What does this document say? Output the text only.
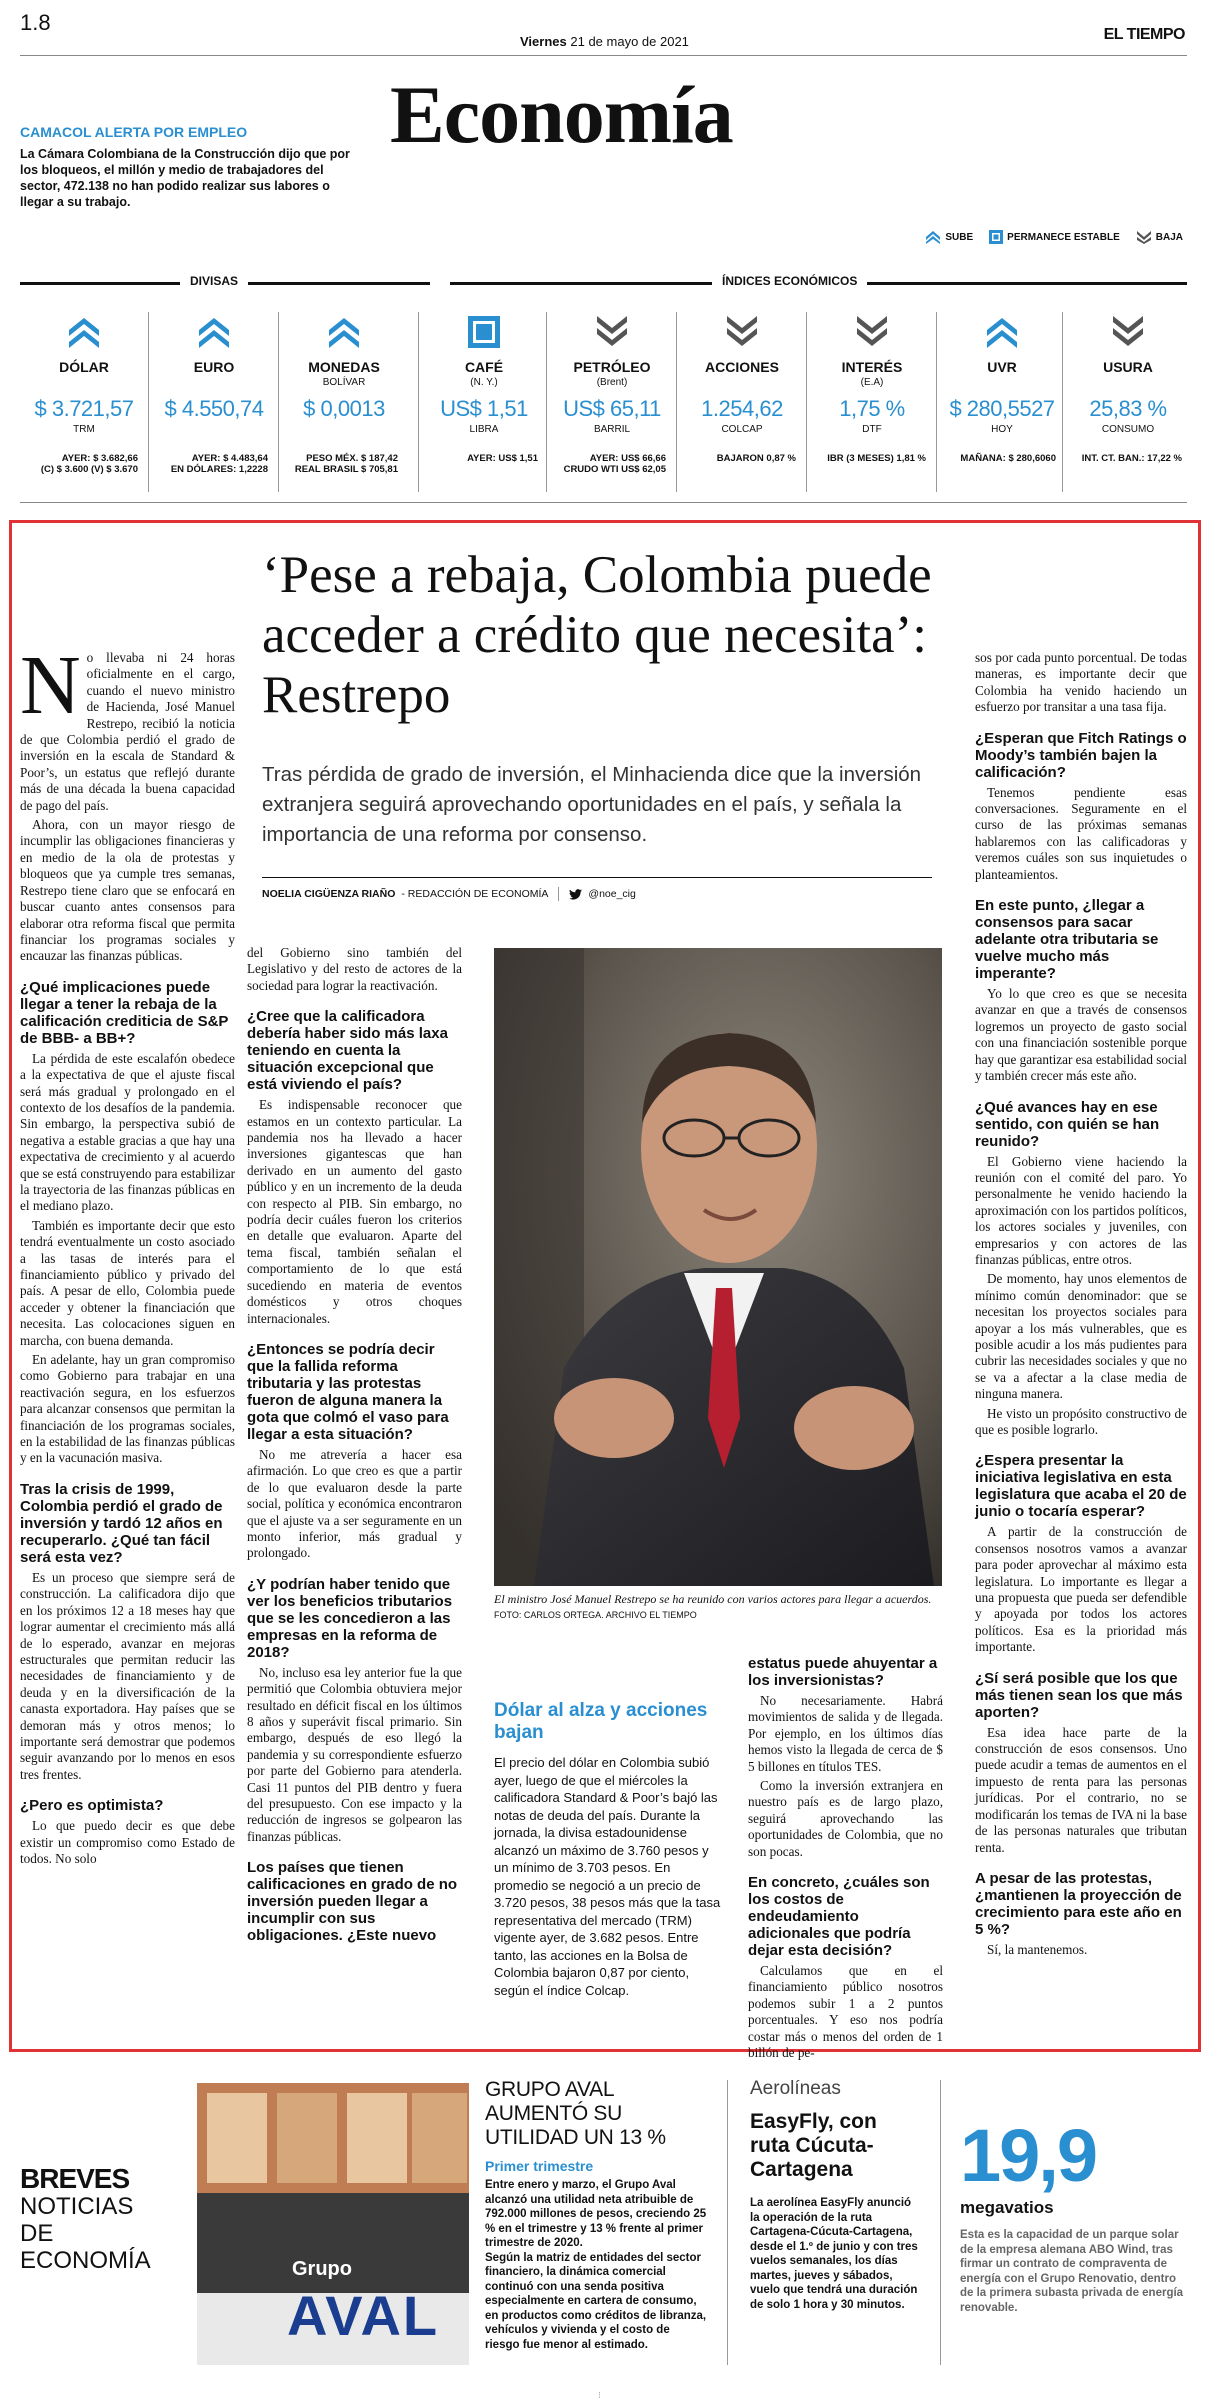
1.8
Viernes 21 de mayo de 2021	EL TIEMPO
Economía
CAMACOL ALERTA POR EMPLEO
La Cámara Colombiana de la Construcción dijo que por los bloqueos, el millón y medio de trabajadores del sector, 472.138 no han podido realizar sus labores o llegar a su trabajo.
SUBE	PERMANECE ESTABLE	BAJA
DIVISAS	ÍNDICES ECONÓMICOS
DÓLAR
$ 3.721,57
TRM
AYER: $ 3.682,66
(C) $ 3.600 (V) $ 3.670
EURO
$ 4.550,74

AYER: $ 4.483,64
EN DÓLARES: 1,2228
MONEDAS
BOLÍVAR
$ 0,0013

PESO MÉX. $ 187,42
REAL BRASIL $ 705,81
CAFÉ
(N. Y.)
US$ 1,51
LIBRA
AYER: US$ 1,51

PETRÓLEO
(Brent)
US$ 65,11
BARRIL
AYER: US$ 66,66
CRUDO WTI US$ 62,05
ACCIONES
1.254,62
COLCAP
BAJARON 0,87 %

INTERÉS
(E.A)
1,75 %
DTF
IBR (3 MESES) 1,81 %

UVR
$ 280,5527
HOY
MAÑANA: $ 280,6060

USURA
25,83 %
CONSUMO
INT. CT. BAN.: 17,22 %

‘Pese a rebaja, Colombia puede acceder a crédito que necesita’: Restrepo
Tras pérdida de grado de inversión, el Minhacienda dice que la inversión extranjera seguirá aprovechando oportunidades en el país, y señala la importancia de una reforma por consenso.
NOELIA CIGÜENZA RIAÑO - REDACCIÓN DE ECONOMÍA	@noe_cig
N o llevaba ni 24 horas oficialmente en el cargo, cuando el nuevo ministro de Hacienda, José Manuel Restrepo, recibió la noticia de que Colombia perdió el grado de inversión en la escala de Standard & Poor’s, un estatus que reflejó durante más de una década la buena capacidad de pago del país.

Ahora, con un mayor riesgo de incumplir las obligaciones financieras y en medio de la ola de protestas y bloqueos que ya cumple tres semanas, Restrepo tiene claro que se enfocará en buscar cuanto antes consensos para elaborar otra reforma fiscal que permita financiar los programas sociales y encauzar las finanzas públicas.

¿Qué implicaciones puede llegar a tener la rebaja de la calificación crediticia de S&P de BBB- a BB+?

La pérdida de este escalafón obedece a la expectativa de que el ajuste fiscal será más gradual y prolongado en el contexto de los desafíos de la pandemia. Sin embargo, la perspectiva subió de negativa a estable gracias a que hay una expectativa de crecimiento y al acuerdo que se está construyendo para estabilizar la trayectoria de las finanzas públicas en el mediano plazo.

También es importante decir que esto tendrá eventualmente un costo asociado a las tasas de interés para el financiamiento público y privado del país. A pesar de ello, Colombia puede acceder y obtener la financiación que necesita. Las colocaciones siguen en marcha, con buena demanda.

En adelante, hay un gran compromiso como Gobierno para trabajar en una reactivación segura, en los esfuerzos para alcanzar consensos que permitan la financiación de los programas sociales, en la estabilidad de las finanzas públicas y en la vacunación masiva.

Tras la crisis de 1999, Colombia perdió el grado de inversión y tardó 12 años en recuperarlo. ¿Qué tan fácil será esta vez?

Es un proceso que siempre será de construcción. La calificadora dijo que en los próximos 12 a 18 meses hay que lograr aumentar el crecimiento más allá de lo esperado, avanzar en mejoras estructurales que permitan reducir las necesidades de financiamiento y de deuda y en la diversificación de la canasta exportadora. Hay países que se demoran más y otros menos; lo importante será demostrar que podemos seguir avanzando por lo menos en esos tres frentes.

¿Pero es optimista?

Lo que puedo decir es que debe existir un compromiso como Estado de todos. No solo

del Gobierno sino también del Legislativo y del resto de actores de la sociedad para lograr la reactivación.

¿Cree que la calificadora debería haber sido más laxa teniendo en cuenta la situación excepcional que está viviendo el país?

Es indispensable reconocer que estamos en un contexto particular. La pandemia nos ha llevado a hacer inversiones gigantescas que han derivado en un aumento del gasto público y en un incremento de la deuda con respecto al PIB. Sin embargo, no podría decir cuáles fueron los criterios en detalle que evaluaron. Aparte del tema fiscal, también señalan el comportamiento de lo que está sucediendo en materia de eventos domésticos y otros choques internacionales.

¿Entonces se podría decir que la fallida reforma tributaria y las protestas fueron de alguna manera la gota que colmó el vaso para llegar a esta situación?

No me atrevería a hacer esa afirmación. Lo que creo es que a partir de lo que evaluaron desde la parte social, política y económica encontraron que el ajuste va a ser seguramente en un monto inferior, más gradual y prolongado.

¿Y podrían haber tenido que ver los beneficios tributarios que se les concedieron a las empresas en la reforma de 2018?

No, incluso esa ley anterior fue la que permitió que Colombia obtuviera mejor resultado en déficit fiscal en los últimos 8 años y superávit fiscal primario. Sin embargo, después de eso llegó la pandemia y su correspondiente esfuerzo por parte del Gobierno para atenderla. Casi 11 puntos del PIB dentro y fuera del presupuesto. Con ese impacto y la reducción de ingresos se golpearon las finanzas públicas.

Los países que tienen calificaciones en grado de no inversión pueden llegar a incumplir con sus obligaciones. ¿Este nuevo
El ministro José Manuel Restrepo se ha reunido con varios actores para llegar a acuerdos. FOTO: CARLOS ORTEGA. ARCHIVO EL TIEMPO
Dólar al alza y acciones bajan
El precio del dólar en Colombia subió ayer, luego de que el miércoles la calificadora Standard & Poor’s bajó las notas de deuda del país. Durante la jornada, la divisa estadounidense alcanzó un máximo de 3.760 pesos y un mínimo de 3.703 pesos. En promedio se negoció a un precio de 3.720 pesos, 38 pesos más que la tasa representativa del mercado (TRM) vigente ayer, de 3.682 pesos. Entre tanto, las acciones en la Bolsa de Colombia bajaron 0,87 por ciento, según el índice Colcap.
estatus puede ahuyentar a los inversionistas?

No necesariamente. Habrá movimientos de salida y de llegada. Por ejemplo, en los últimos días hemos visto la llegada de cerca de $ 5 billones en títulos TES.

Como la inversión extranjera en nuestro país es de largo plazo, seguirá aprovechando las oportunidades de Colombia, que no son pocas.

En concreto, ¿cuáles son los costos de endeudamiento adicionales que podría dejar esta decisión?

Calculamos que en el financiamiento público nosotros podemos subir 1 a 2 puntos porcentuales. Y eso nos podría costar más o menos del orden de 1 billón de pe-

sos por cada punto porcentual. De todas maneras, es importante decir que Colombia ha venido haciendo un esfuerzo por transitar a una tasa fija.

¿Esperan que Fitch Ratings o Moody’s también bajen la calificación?

Tenemos pendiente esas conversaciones. Seguramente en el curso de las próximas semanas hablaremos con las calificadoras y veremos cuáles son sus inquietudes o planteamientos.

En este punto, ¿llegar a consensos para sacar adelante otra tributaria se vuelve mucho más imperante?

Yo lo que creo es que se necesita avanzar en que a través de consensos logremos un proyecto de gasto social con una financiación sostenible porque hay que garantizar esa estabilidad social y también crecer más este año.

¿Qué avances hay en ese sentido, con quién se han reunido?

El Gobierno viene haciendo la reunión con el comité del paro. Yo personalmente he venido haciendo la aproximación con los partidos políticos, los actores sociales y juveniles, con empresarios y con actores de las finanzas públicas, entre otros.

De momento, hay unos elementos de mínimo común denominador: que se necesitan los proyectos sociales para apoyar a los más vulnerables, que es posible acudir a los más pudientes para cubrir las necesidades sociales y que no se va a afectar a la clase media de ninguna manera.

He visto un propósito constructivo de que es posible lograrlo.

¿Espera presentar la iniciativa legislativa en esta legislatura que acaba el 20 de junio o tocaría esperar?

A partir de la construcción de consensos nosotros vamos a avanzar para poder aprovechar al máximo esta legislatura. Lo importante es llegar a una propuesta que pueda ser defendible y apoyada por todos los actores políticos. Esa es la prioridad más importante.

¿Sí será posible que los que más tienen sean los que más aporten?

Esa idea hace parte de la construcción de esos consensos. Uno puede acudir a temas de aumentos en el impuesto de renta para las personas jurídicas. Por el contrario, no se modificarán los temas de IVA ni la base de las personas naturales que tributan renta.

A pesar de las protestas, ¿mantienen la proyección de crecimiento para este año en 5 %?

Sí, la mantenemos.

BREVES
NOTICIAS DE ECONOMÍA	Grupo
AVAL
GRUPO AVAL AUMENTÓ SU UTILIDAD UN 13 %
Primer trimestre
Entre enero y marzo, el Grupo Aval alcanzó una utilidad neta atribuible de 792.000 millones de pesos, creciendo 25 % en el trimestre y 13 % frente al primer trimestre de 2020.
Según la matriz de entidades del sector financiero, la dinámica comercial continuó con una senda positiva especialmente en cartera de consumo, en productos como créditos de libranza, vehículos y vivienda y el costo de riesgo fue menor al estimado.
Aerolíneas
EasyFly, con ruta Cúcuta-Cartagena
La aerolínea EasyFly anunció la operación de la ruta Cartagena-Cúcuta-Cartagena, desde el 1.º de junio y con tres vuelos semanales, los días martes, jueves y sábados, vuelo que tendrá una duración de solo 1 hora y 30 minutos.
19,9
megavatios
Esta es la capacidad de un parque solar de la empresa alemana ABO Wind, tras firmar un contrato de compraventa de energía con el Grupo Renovatio, dentro de la primera subasta privada de energía renovable.
⁝
